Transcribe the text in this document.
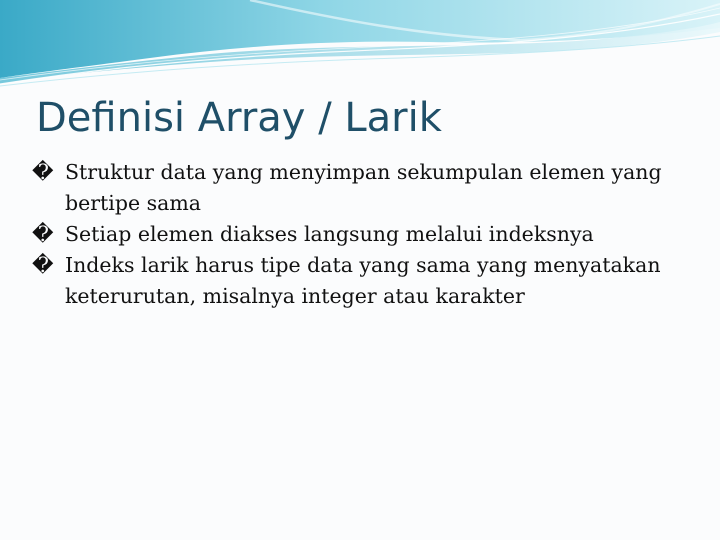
Definisi Array / Larik
� Struktur data yang menyimpan sekumpulan elemen yang bertipe sama
� Setiap elemen diakses langsung melalui indeksnya
� Indeks larik harus tipe data yang sama yang menyatakan keterurutan, misalnya integer atau karakter
